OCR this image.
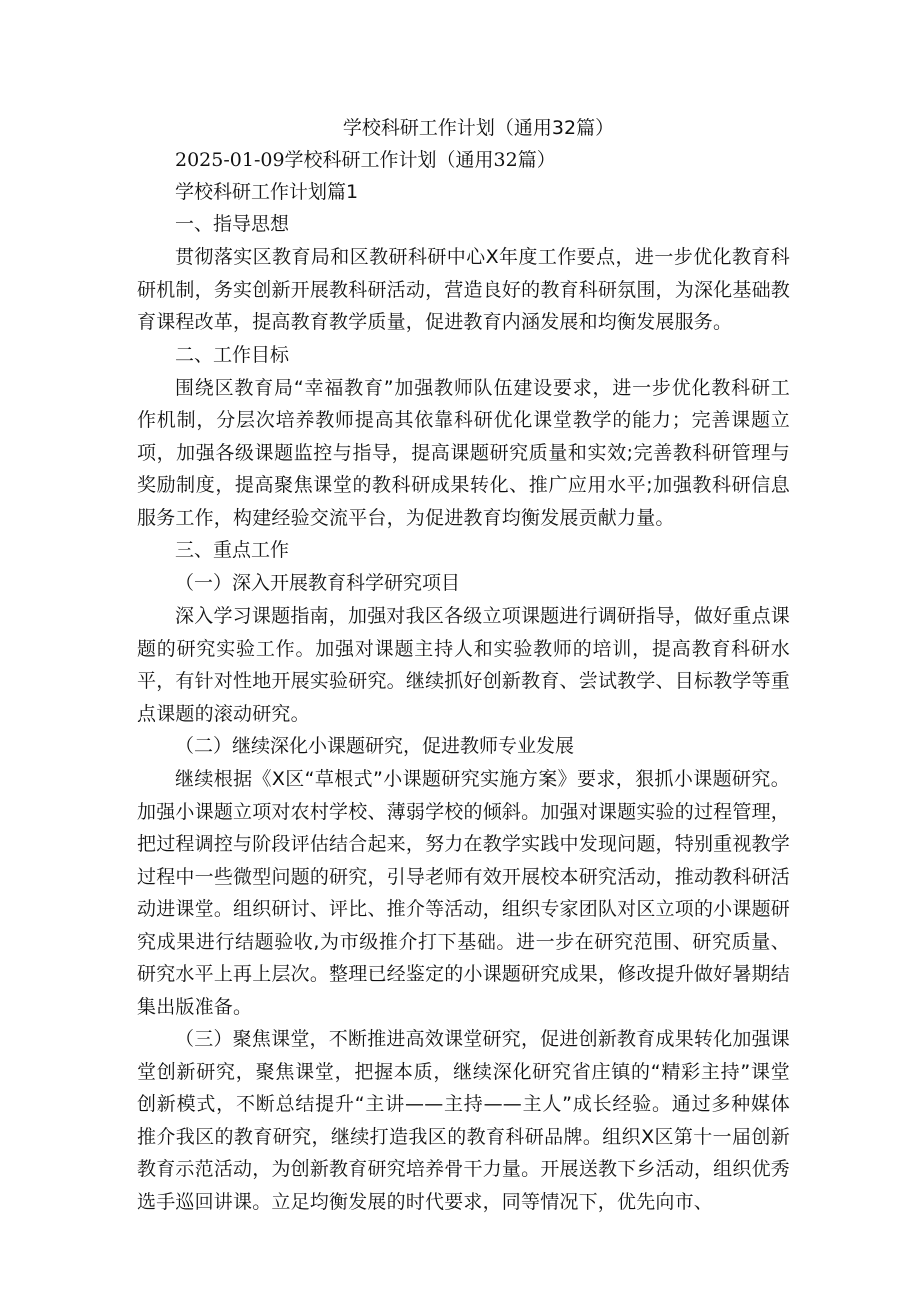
学校科研工作计划（通用32篇）

2025-01-09学校科研工作计划（通用32篇）

学校科研工作计划篇1

一、指导思想

贯彻落实区教育局和区教研科研中心X年度工作要点，进一步优化教育科研机制，务实创新开展教科研活动，营造良好的教育科研氛围，为深化基础教育课程改革，提高教育教学质量，促进教育内涵发展和均衡发展服务。

二、工作目标

围绕区教育局“幸福教育”加强教师队伍建设要求，进一步优化教科研工作机制，分层次培养教师提高其依靠科研优化课堂教学的能力；完善课题立项，加强各级课题监控与指导，提高课题研究质量和实效;完善教科研管理与奖励制度，提高聚焦课堂的教科研成果转化、推广应用水平;加强教科研信息服务工作，构建经验交流平台，为促进教育均衡发展贡献力量。

三、重点工作

（一）深入开展教育科学研究项目

深入学习课题指南，加强对我区各级立项课题进行调研指导，做好重点课题的研究实验工作。加强对课题主持人和实验教师的培训，提高教育科研水平，有针对性地开展实验研究。继续抓好创新教育、尝试教学、目标教学等重点课题的滚动研究。

（二）继续深化小课题研究，促进教师专业发展

继续根据《X区“草根式”小课题研究实施方案》要求，狠抓小课题研究。加强小课题立项对农村学校、薄弱学校的倾斜。加强对课题实验的过程管理，把过程调控与阶段评估结合起来，努力在教学实践中发现问题，特别重视教学过程中一些微型问题的研究，引导老师有效开展校本研究活动，推动教科研活动进课堂。组织研讨、评比、推介等活动，组织专家团队对区立项的小课题研究成果进行结题验收,为市级推介打下基础。进一步在研究范围、研究质量、研究水平上再上层次。整理已经鉴定的小课题研究成果，修改提升做好暑期结集出版准备。

（三）聚焦课堂，不断推进高效课堂研究，促进创新教育成果转化加强课堂创新研究，聚焦课堂，把握本质，继续深化研究省庄镇的“精彩主持”课堂创新模式，不断总结提升“主讲——主持——主人”成长经验。通过多种媒体推介我区的教育研究，继续打造我区的教育科研品牌。组织X区第十一届创新教育示范活动，为创新教育研究培养骨干力量。开展送教下乡活动，组织优秀选手巡回讲课。立足均衡发展的时代要求，同等情况下，优先向市、
